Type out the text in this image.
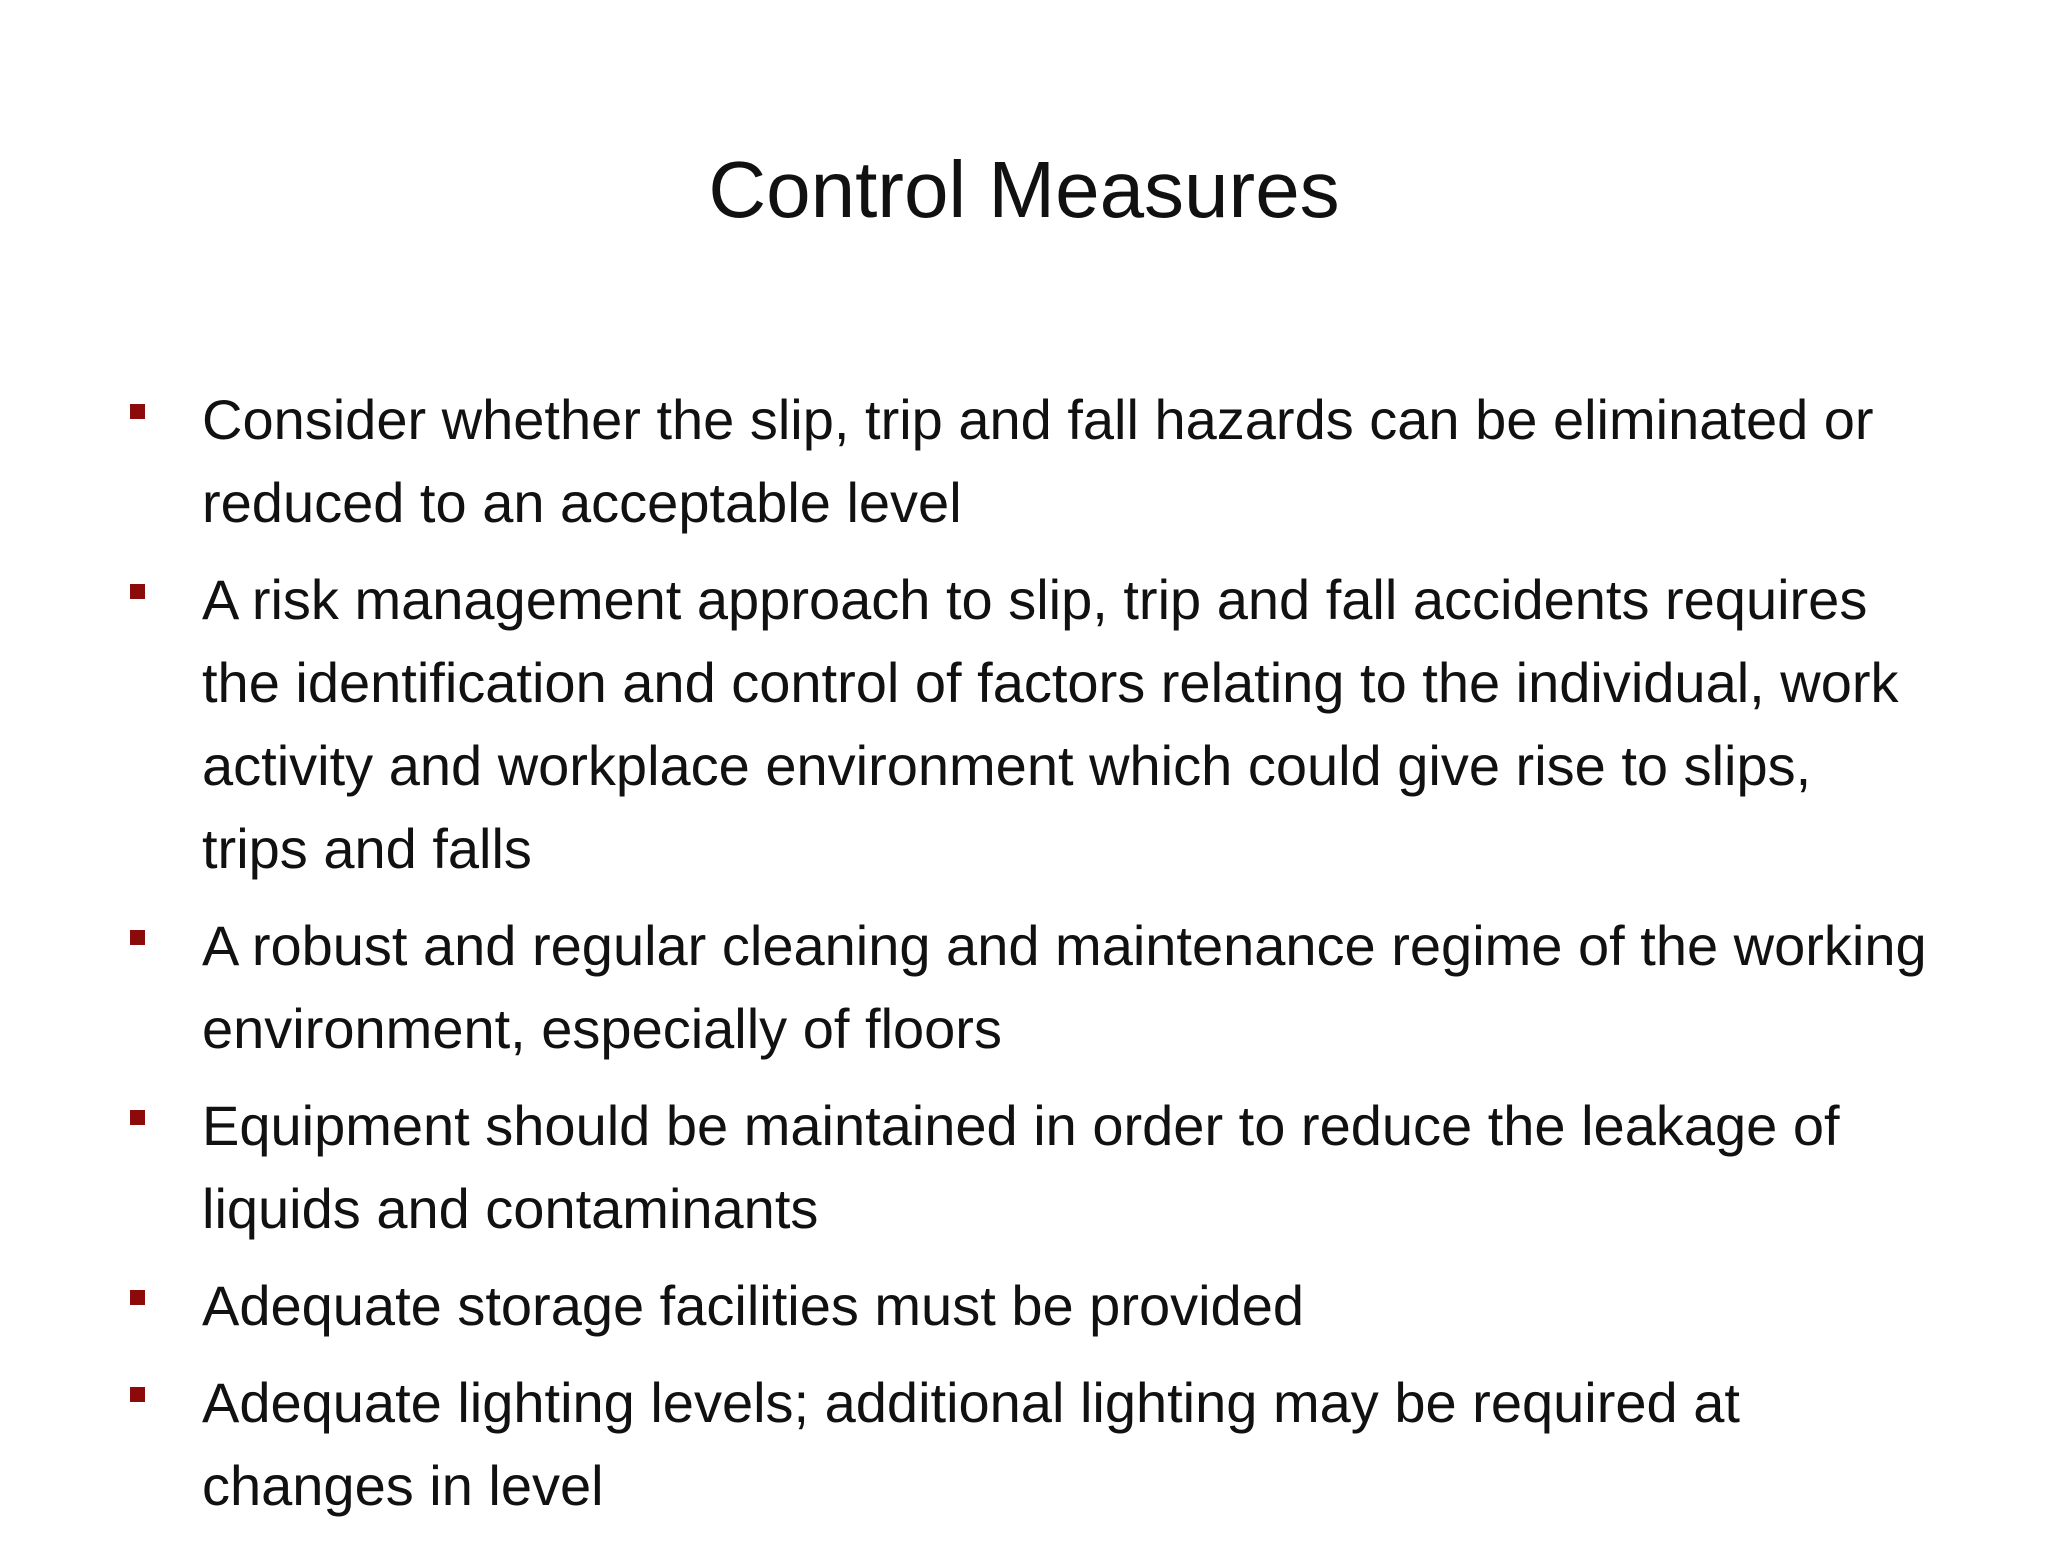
Control Measures
Consider whether the slip, trip and fall hazards can be eliminated or reduced to an acceptable level
A risk management approach to slip, trip and fall accidents requires the identification and control of factors relating to the individual, work activity and workplace environment which could give rise to slips, trips and falls
A robust and regular cleaning and maintenance regime of the working environment, especially of floors
Equipment should be maintained in order to reduce the leakage of liquids and contaminants
Adequate storage facilities must be provided
Adequate lighting levels; additional lighting may be required at changes in level
